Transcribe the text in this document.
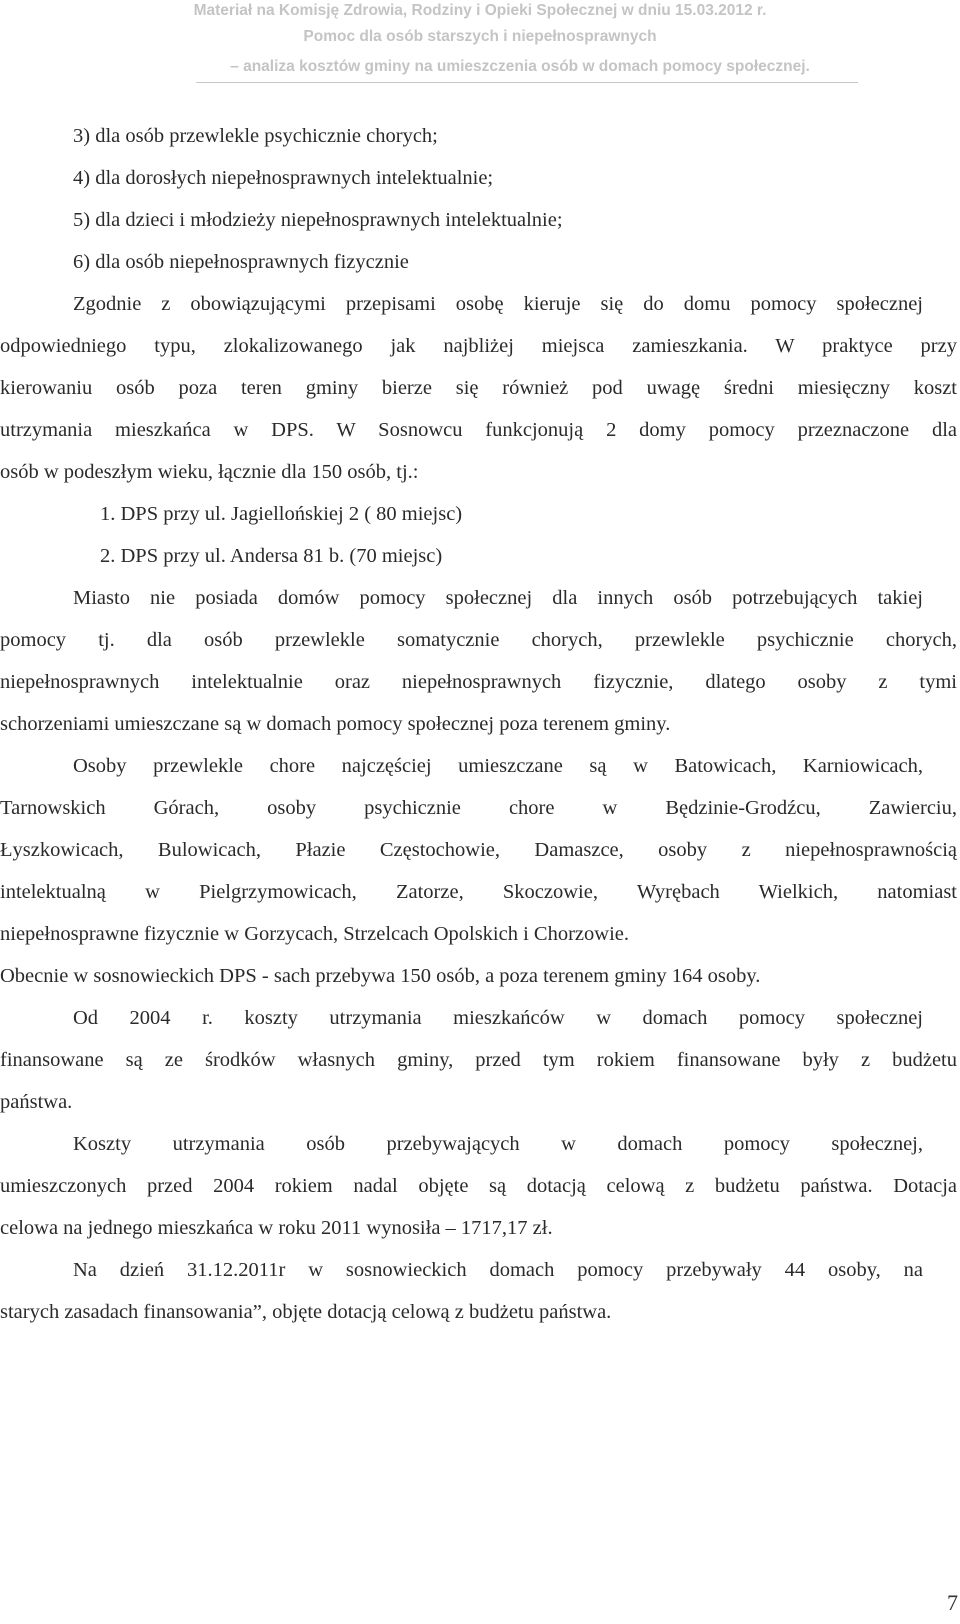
Materiał na Komisję Zdrowia, Rodziny i Opieki Społecznej w dniu 15.03.2012 r.
Pomoc dla osób starszych i niepełnosprawnych
– analiza kosztów gminy na umieszczenia osób w domach pomocy społecznej.
3) dla osób przewlekle psychicznie chorych;
4) dla dorosłych niepełnosprawnych intelektualnie;
5) dla dzieci i młodzieży niepełnosprawnych intelektualnie;
6) dla osób niepełnosprawnych fizycznie
Zgodnie z obowiązującymi przepisami osobę kieruje się do domu pomocy społecznej
odpowiedniego typu, zlokalizowanego jak najbliżej miejsca zamieszkania. W praktyce przy
kierowaniu osób poza teren gminy bierze się również pod uwagę średni miesięczny koszt
utrzymania mieszkańca w DPS. W Sosnowcu funkcjonują 2 domy pomocy przeznaczone dla
osób w podeszłym wieku, łącznie dla 150 osób, tj.:
1. DPS przy ul. Jagiellońskiej 2 ( 80 miejsc)
2. DPS przy ul. Andersa 81 b. (70 miejsc)
Miasto nie posiada domów pomocy społecznej dla innych osób potrzebujących takiej
pomocy tj. dla osób przewlekle somatycznie chorych, przewlekle psychicznie chorych,
niepełnosprawnych intelektualnie oraz niepełnosprawnych fizycznie, dlatego osoby z tymi
schorzeniami umieszczane są w domach pomocy społecznej poza terenem gminy.
Osoby przewlekle chore najczęściej umieszczane są w Batowicach, Karniowicach,
Tarnowskich Górach, osoby psychicznie chore w Będzinie-Grodźcu, Zawierciu,
Łyszkowicach, Bulowicach, Płazie Częstochowie, Damaszce, osoby z niepełnosprawnością
intelektualną w Pielgrzymowicach, Zatorze, Skoczowie, Wyrębach Wielkich, natomiast
niepełnosprawne fizycznie w Gorzycach, Strzelcach Opolskich i Chorzowie.
Obecnie w sosnowieckich DPS - sach przebywa 150 osób, a poza terenem gminy 164 osoby.
Od 2004 r. koszty utrzymania mieszkańców w domach pomocy społecznej
finansowane są ze środków własnych gminy, przed tym rokiem finansowane były z budżetu
państwa.
Koszty utrzymania osób przebywających w domach pomocy społecznej,
umieszczonych przed 2004 rokiem nadal objęte są dotacją celową z budżetu państwa. Dotacja
celowa na jednego mieszkańca w roku 2011 wynosiła – 1717,17 zł.
Na dzień 31.12.2011r w sosnowieckich domach pomocy przebywały 44 osoby, na
starych zasadach finansowania”, objęte dotacją celową z budżetu państwa.
7
